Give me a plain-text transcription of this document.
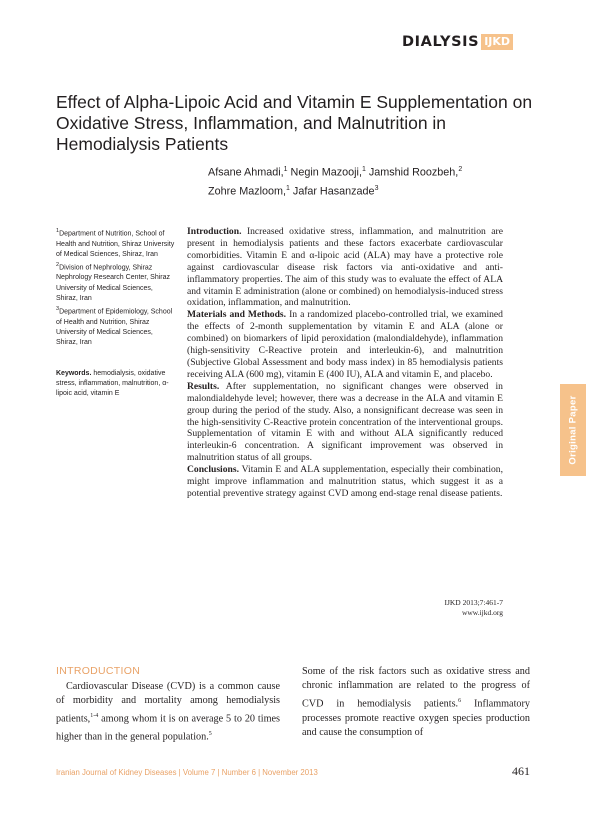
DIALYSIS IJKD
Effect of Alpha-Lipoic Acid and Vitamin E Supplementation on Oxidative Stress, Inflammation, and Malnutrition in Hemodialysis Patients
Afsane Ahmadi,$^1$ Negin Mazooji,$^1$ Jamshid Roozbeh,$^2$
Zohre Mazloom,$^1$ Jafar Hasanzade$^3$

$^1$Department of Nutrition, School of Health and Nutrition, Shiraz University of Medical Sciences, Shiraz, Iran

$^2$Division of Nephrology, Shiraz Nephrology Research Center, Shiraz University of Medical Sciences, Shiraz, Iran

$^3$Department of Epidemiology, School of Health and Nutrition, Shiraz University of Medical Sciences, Shiraz, Iran

Keywords. hemodialysis, oxidative stress, inflammation, malnutrition, α-lipoic acid, vitamin E

Introduction. Increased oxidative stress, inflammation, and malnutrition are present in hemodialysis patients and these factors exacerbate cardiovascular comorbidities. Vitamin E and α-lipoic acid (ALA) may have a protective role against cardiovascular disease risk factors via anti-oxidative and anti-inflammatory properties. The aim of this study was to evaluate the effect of ALA and vitamin E administration (alone or combined) on hemodialysis-induced stress oxidation, inflammation, and malnutrition.

Materials and Methods. In a randomized placebo-controlled trial, we examined the effects of 2-month supplementation by vitamin E and ALA (alone or combined) on biomarkers of lipid peroxidation (malondialdehyde), inflammation (high-sensitivity C-Reactive protein and interleukin-6), and malnutrition (Subjective Global Assessment and body mass index) in 85 hemodialysis patients receiving ALA (600 mg), vitamin E (400 IU), ALA and vitamin E, and placebo.

Results. After supplementation, no significant changes were observed in malondialdehyde level; however, there was a decrease in the ALA and vitamin E group during the period of the study. Also, a nonsignificant decrease was seen in the high-sensitivity C-Reactive protein concentration of the interventional groups. Supplementation of vitamin E with and without ALA significantly reduced interleukin-6 concentration. A significant improvement was observed in malnutrition status of all groups.

Conclusions. Vitamin E and ALA supplementation, especially their combination, might improve inflammation and malnutrition status, which suggest it as a potential preventive strategy against CVD among end-stage renal disease patients.

IJKD 2013;7:461-7
www.ijkd.org
Original Paper
INTRODUCTION

Cardiovascular Disease (CVD) is a common cause of morbidity and mortality among hemodialysis patients,$^{1-4}$ among whom it is on average 5 to 20 times higher than in the general population.$^5$

Some of the risk factors such as oxidative stress and chronic inflammation are related to the progress of CVD in hemodialysis patients.$^6$ Inflammatory processes promote reactive oxygen species production and cause the consumption of

Iranian Journal of Kidney Diseases | Volume 7 | Number 6 | November 2013	461
